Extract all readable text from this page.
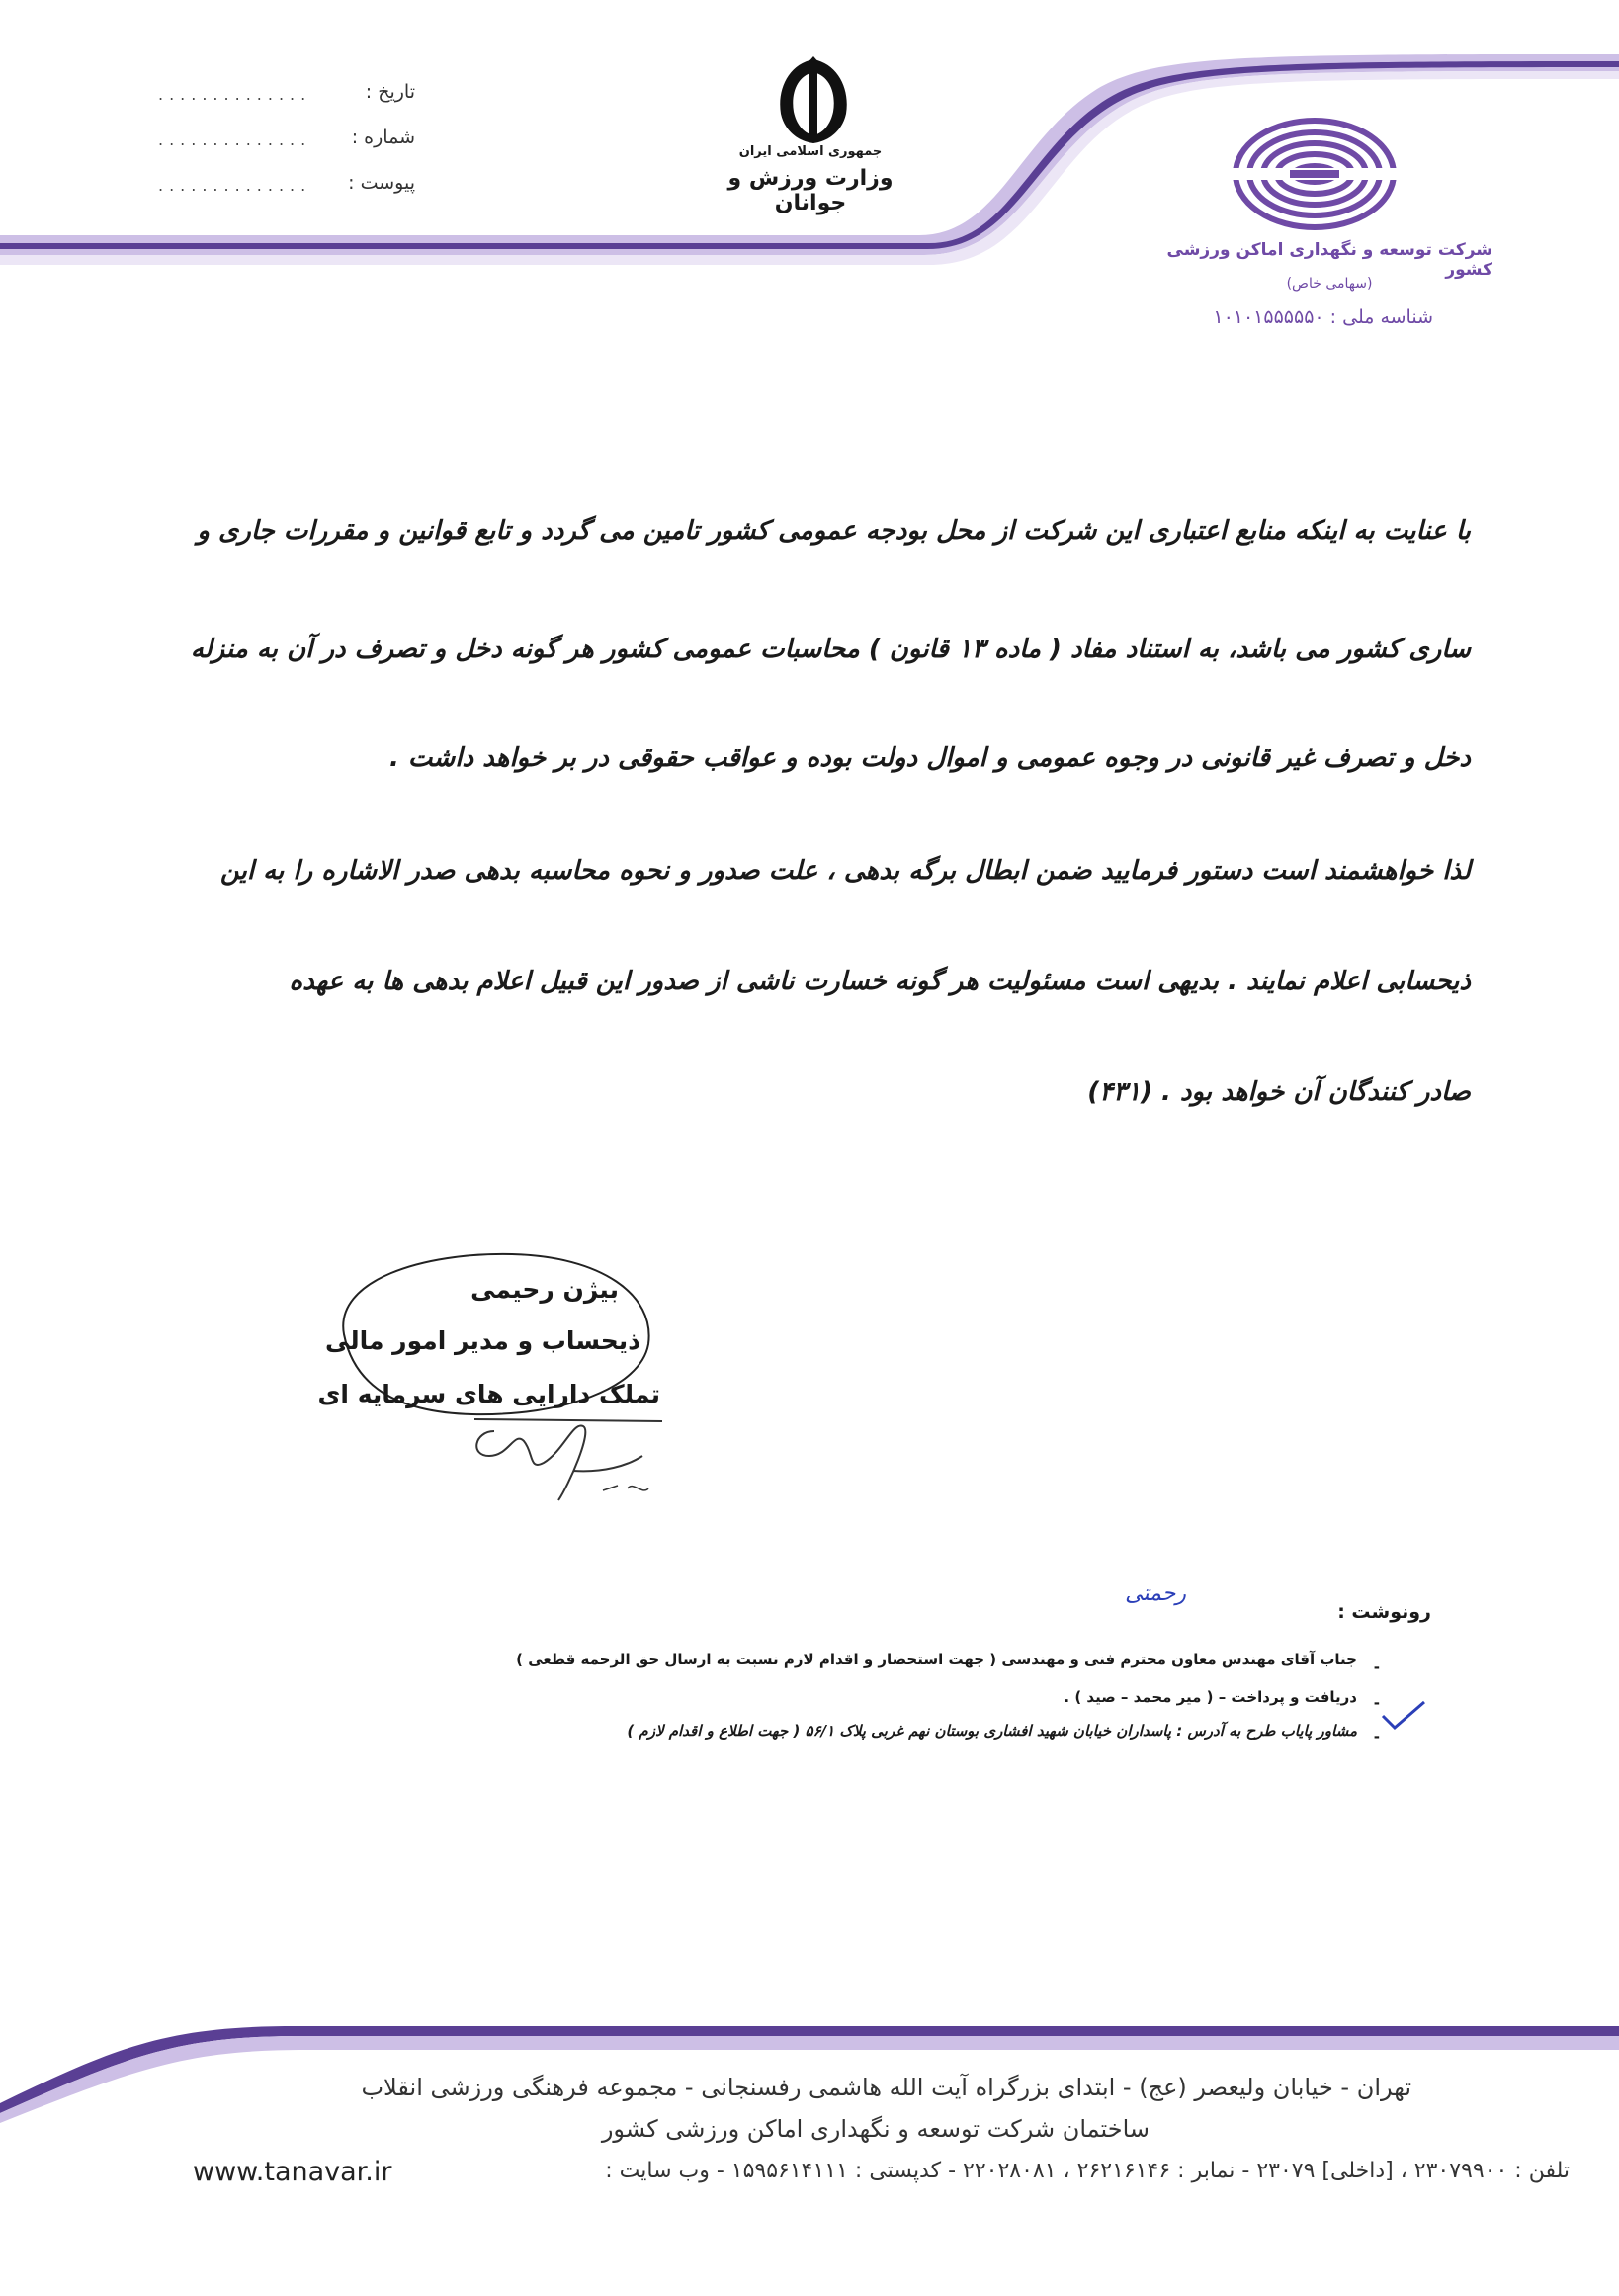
..............	تاریخ :
.............. شماره :
.............. پیوست :
جمهوری اسلامی ایران
وزارت ورزش و جوانان
شرکت توسعه و نگهداری اماکن ورزشی کشور
(سهامی خاص)
شناسه ملی : ۱۰۱۰۱۵۵۵۵۵۰
با عنایت به اینکه منابع اعتباری این شرکت از محل بودجه عمومی کشور تامین می گردد و تابع قوانین و مقررات جاری و
ساری کشور می باشد، به استناد مفاد ( ماده ۱۳ قانون ) محاسبات عمومی کشور هر گونه دخل و تصرف در آن به منزله
دخل و تصرف غیر قانونی در وجوه عمومی و اموال دولت بوده و عواقب حقوقی در بر خواهد داشت .
لذا خواهشمند است دستور فرمایید ضمن ابطال برگه بدهی ، علت صدور و نحوه محاسبه بدهی صدر الاشاره را به این
ذیحسابی اعلام نمایند . بدیهی است مسئولیت هر گونه خسارت ناشی از صدور این قبیل اعلام بدهی ها به عهده
صادر کنندگان آن خواهد بود . (۴۳۱)
بیژن رحیمی
ذیحساب و مدیر امور مالی
تملک دارایی های سرمایه ای
رونوشت :
رحمتی
-
جناب آقای مهندس معاون محترم فنی و مهندسی ( جهت استحضار و اقدام لازم نسبت به ارسال حق الزحمه قطعی )
-
دریافت و پرداخت – ( میر محمد – صید ) .
-
مشاور پایاب طرح به آدرس : پاسداران خیابان شهید افشاری بوستان نهم غربی پلاک ۵۶/۱ ( جهت اطلاع و اقدام لازم )
تهران - خیابان ولیعصر (عج) - ابتدای بزرگراه آیت الله هاشمی رفسنجانی - مجموعه فرهنگی ورزشی انقلاب
ساختمان شرکت توسعه و نگهداری اماکن ورزشی کشور
تلفن : ۲۳۰۷۹۹۰۰ ، [داخلی] ۲۳۰۷۹ - نمابر : ۲۶۲۱۶۱۴۶ ، ۲۲۰۲۸۰۸۱ - کدپستی : ۱۵۹۵۶۱۴۱۱۱ - وب سایت :
www.tanavar.ir
